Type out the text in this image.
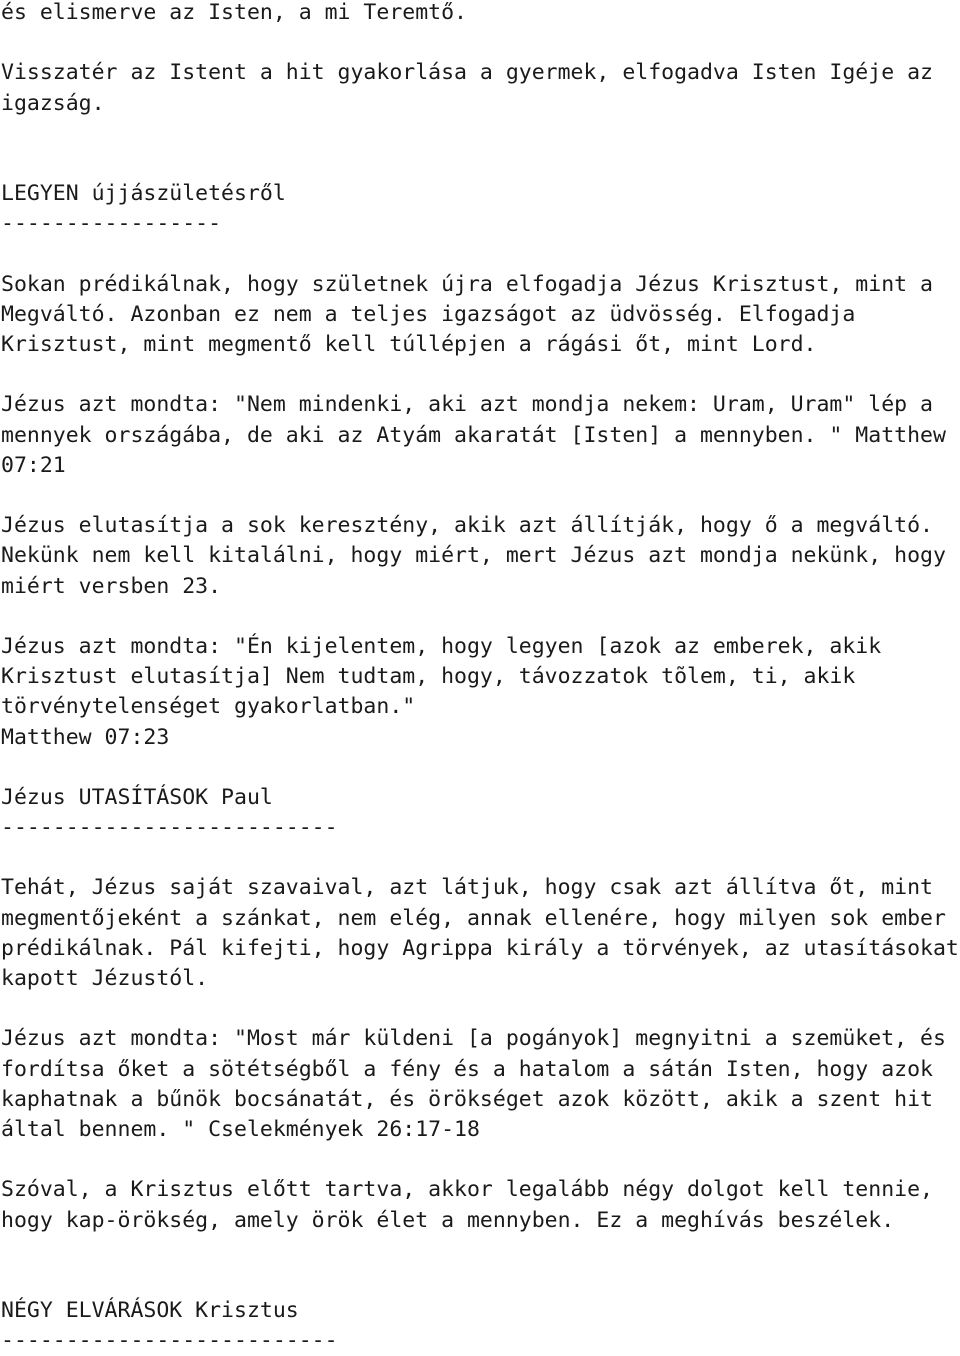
és elismerve az Isten, a mi Teremtő.
Visszatér az Istent a hit gyakorlása a gyermek, elfogadva Isten Igéje az
igazság.
LEGYEN újjászületésről
-----------------
Sokan prédikálnak, hogy születnek újra elfogadja Jézus Krisztust, mint a
Megváltó. Azonban ez nem a teljes igazságot az üdvösség. Elfogadja
Krisztust, mint megmentő kell túllépjen a rágási őt, mint Lord.
Jézus azt mondta: "Nem mindenki, aki azt mondja nekem: Uram, Uram" lép a
mennyek országába, de aki az Atyám akaratát [Isten] a mennyben. " Matthew
07:21
Jézus elutasítja a sok keresztény, akik azt állítják, hogy ő a megváltó.
Nekünk nem kell kitalálni, hogy miért, mert Jézus azt mondja nekünk, hogy
miért versben 23.
Jézus azt mondta: "Én kijelentem, hogy legyen [azok az emberek, akik
Krisztust elutasítja] Nem tudtam, hogy, távozzatok tõlem, ti, akik
törvénytelenséget gyakorlatban."
Matthew 07:23
Jézus UTASÍTÁSOK Paul
--------------------------
Tehát, Jézus saját szavaival, azt látjuk, hogy csak azt állítva őt, mint
megmentőjeként a szánkat, nem elég, annak ellenére, hogy milyen sok ember
prédikálnak. Pál kifejti, hogy Agrippa király a törvények, az utasításokat
kapott Jézustól.
Jézus azt mondta: "Most már küldeni [a pogányok] megnyitni a szemüket, és
fordítsa őket a sötétségből a fény és a hatalom a sátán Isten, hogy azok
kaphatnak a bűnök bocsánatát, és örökséget azok között, akik a szent hit
által bennem. " Cselekmények 26:17-18
Szóval, a Krisztus előtt tartva, akkor legalább négy dolgot kell tennie,
hogy kap-örökség, amely örök élet a mennyben. Ez a meghívás beszélek.
NÉGY ELVÁRÁSOK Krisztus
--------------------------
